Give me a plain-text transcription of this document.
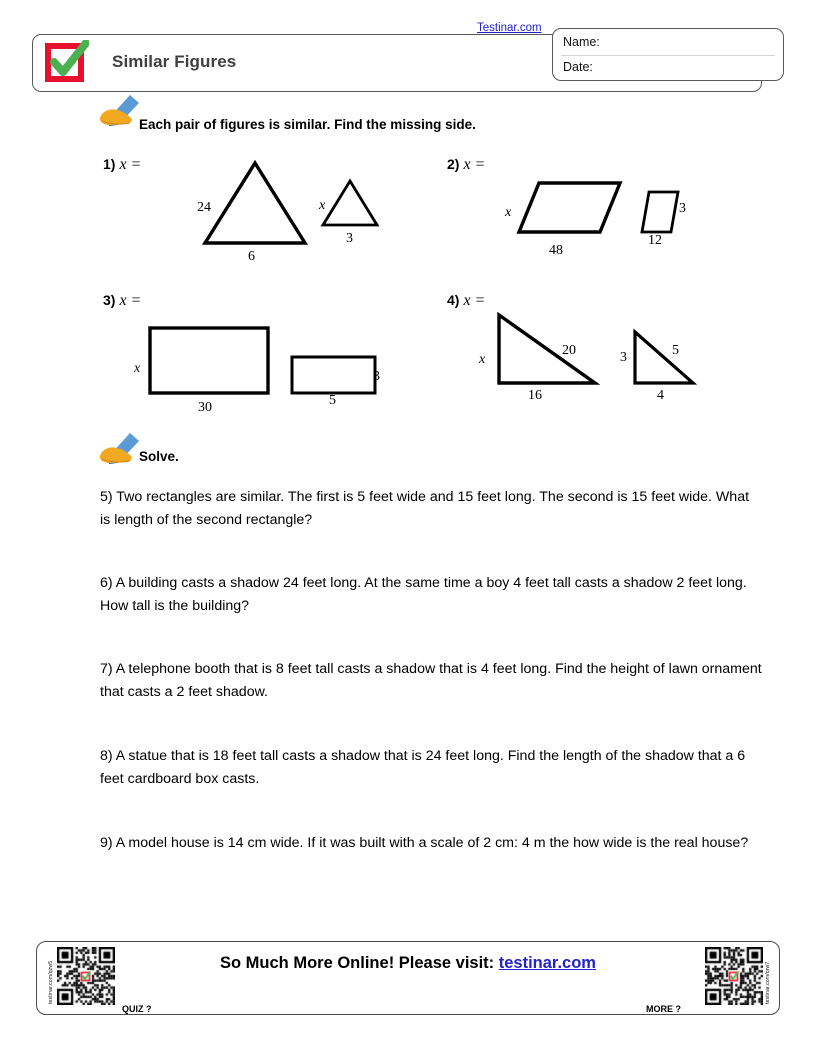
Similar Figures
Testinar.com
Name:
Date:
Each pair of figures is similar. Find the missing side.
1) x =
24
6
x
3
2) x =
x
48
3
12
3) x =
x
30
3
5
4) x =
x
20
16
3	5
4
Solve.
5) Two rectangles are similar. The first is 5 feet wide and 15 feet long. The second is 15 feet wide. What is length of the second rectangle?
6) A building casts a shadow 24 feet long. At the same time a boy 4 feet tall casts a shadow 2 feet long. How tall is the building?
7) A telephone booth that is 8 feet tall casts a shadow that is 4 feet long. Find the height of lawn ornament that casts a 2 feet shadow.
8) A statue that is 18 feet tall casts a shadow that is 24 feet long. Find the length of the shadow that a 6 feet cardboard box casts.
9) A model house is 14 cm wide. If it was built with a scale of 2 cm: 4 m the how wide is the real house?
So Much More Online! Please visit: testinar.com
testinar.com/qzw5
QUIZ ?
testinar.com/qrw7
MORE ?
